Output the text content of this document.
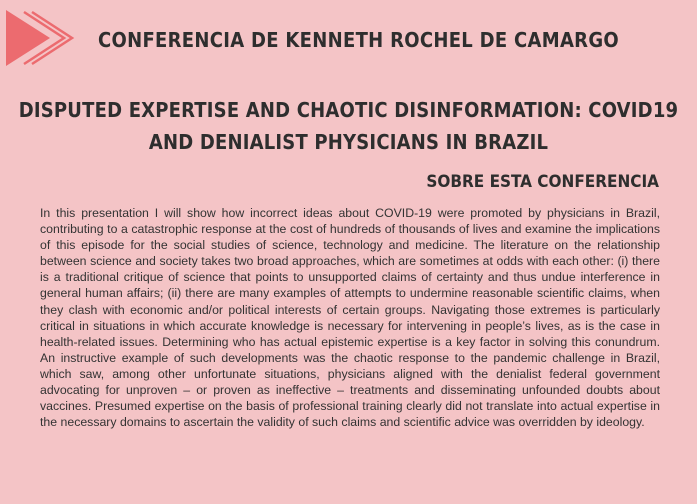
CONFERENCIA DE KENNETH ROCHEL DE CAMARGO
DISPUTED EXPERTISE AND CHAOTIC DISINFORMATION: COVID19 AND DENIALIST PHYSICIANS IN BRAZIL
SOBRE ESTA CONFERENCIA

In this presentation I will show how incorrect ideas about COVID-19 were promoted by physicians in Brazil, contributing to a catastrophic response at the cost of hundreds of thousands of lives and examine the implications of this episode for the social studies of science, technology and medicine. The literature on the relationship between science and society takes two broad approaches, which are sometimes at odds with each other: (i) there is a traditional critique of science that points to unsupported claims of certainty and thus undue interference in general human affairs; (ii) there are many examples of attempts to undermine reasonable scientific claims, when they clash with economic and/or political interests of certain groups. Navigating those extremes is particularly critical in situations in which accurate knowledge is necessary for intervening in people’s lives, as is the case in health-related issues. Determining who has actual epistemic expertise is a key factor in solving this conundrum. An instructive example of such developments was the chaotic response to the pandemic challenge in Brazil, which saw, among other unfortunate situations, physicians aligned with the denialist federal government advocating for unproven – or proven as ineffective – treatments and disseminating unfounded doubts about vaccines. Presumed expertise on the basis of professional training clearly did not translate into actual expertise in the necessary domains to ascertain the validity of such claims and scientific advice was overridden by ideology.
